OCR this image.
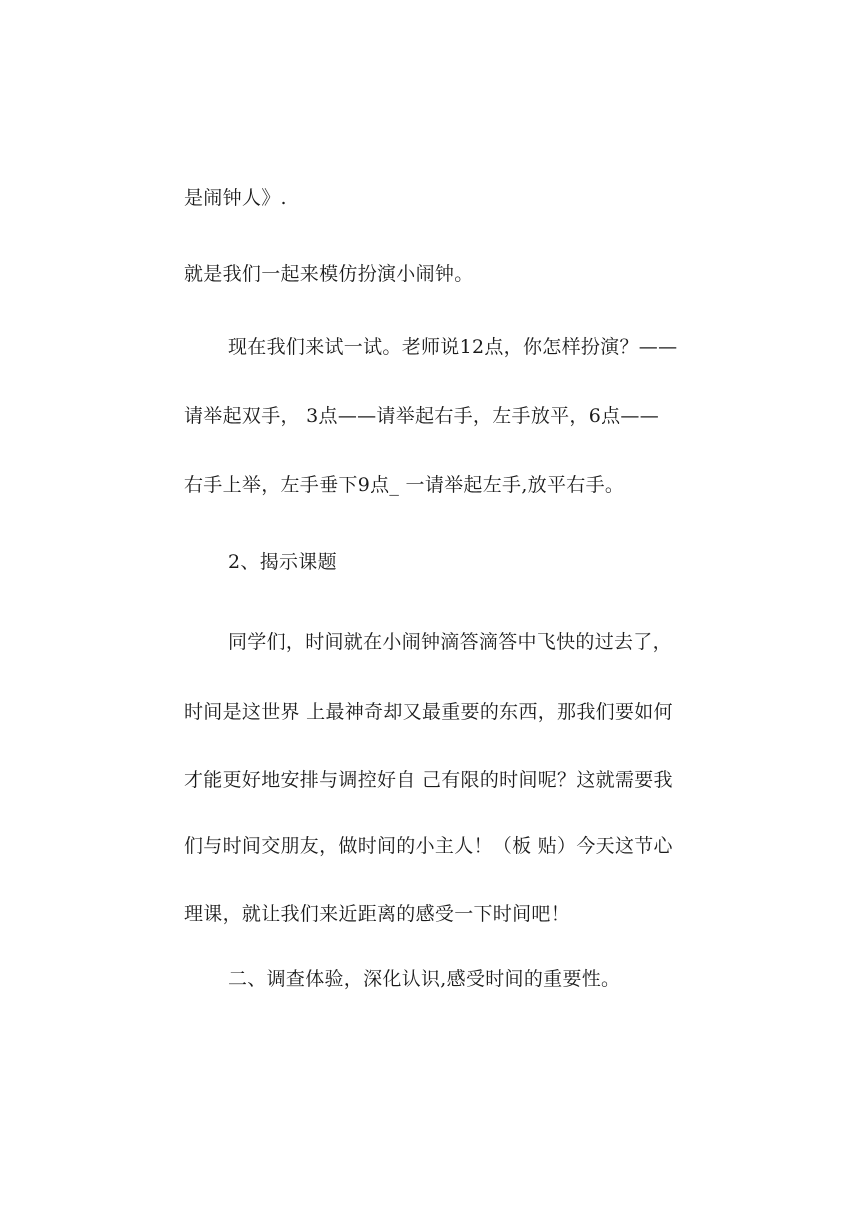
是闹钟人》.
就是我们一起来模仿扮演小闹钟。
现在我们来试一试。老师说12点，你怎样扮演？——
请举起双手， 3点——请举起右手，左手放平，6点——
右手上举，左手垂下9点_ 一请举起左手,放平右手。
2、揭示课题
同学们，时间就在小闹钟滴答滴答中飞快的过去了，
时间是这世界 上最神奇却又最重要的东西，那我们要如何
才能更好地安排与调控好自 己有限的时间呢？这就需要我
们与时间交朋友，做时间的小主人！（板 贴）今天这节心
理课，就让我们来近距离的感受一下时间吧！
二、调查体验，深化认识,感受时间的重要性。
